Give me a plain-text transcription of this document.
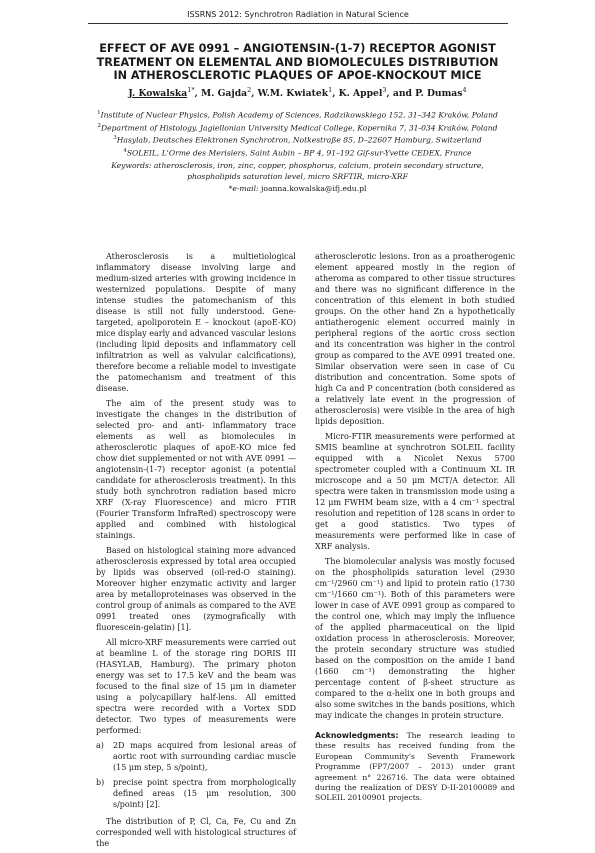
ISSRNS 2012: Synchrotron Radiation in Natural Science
EFFECT OF AVE 0991 – ANGIOTENSIN-(1-7) RECEPTOR AGONIST
TREATMENT ON ELEMENTAL AND BIOMOLECULES DISTRIBUTION
IN ATHEROSCLEROTIC PLAQUES OF APOE-KNOCKOUT MICE
J. Kowalska$^{1*}$, M. Gajda$^2$, W.M. Kwiatek$^1$, K. Appel$^3$, and P. Dumas$^4$
$^1$Institute of Nuclear Physics, Polish Academy of Sciences, Radzikowskiego 152, 31–342 Kraków, Poland
$^2$Department of Histology, Jagiellonian University Medical College, Kopernika 7, 31-034 Kraków, Poland
$^3$Hasylab, Deutsches Elektronen Synchrotron, Notkestraße 85, D–22607 Hamburg, Switzerland
$^4$SOLEIL, L'Orme des Merisiers, Saint Aubin – BP 4, 91–192 Gif-sur-Yvette CEDEX, France
Keywords: atherosclerosis, iron, zinc, copper, phosphorus, calcium, protein secondary structure,
phospholipids saturation level, micro SRFTIR, micro-XRF
*e-mail: joanna.kowalska@ifj.edu.pl

Atherosclerosis is a multietiological inflammatory disease involving large and medium-sized arteries with growing incidence in westernized populations. Despite of many intense studies the patomechanism of this disease is still not fully understood. Gene-targeted, apoliporotein E – knockout (apoE-KO) mice display early and advanced vascular lesions (including lipid deposits and inflammatory cell infiltratrion as well as valvular calcifications), therefore become a reliable model to investigate the patomechanism and treatment of this disease.

The aim of the present study was to investigate the changes in the distribution of selected pro- and anti- inflammatory trace elements as well as biomolecules in atherosclerotic plaques of apoE-KO mice fed chow diet supplemented or not with AVE 0991 — angiotensin-(1-7) receptor agonist (a potential candidate for atherosclerosis treatment). In this study both synchrotron radiation based micro XRF (X-ray Fluorescence) and micro FTIR (Fourier Transform InfraRed) spectroscopy were applied and combined with histological stainings.

Based on histological staining more advanced atherosclerosis expressed by total area occupied by lipids was observed (oil-red-O staining). Moreover higher enzymatic activity and larger area by metalloproteinases was observed in the control group of animals as compared to the AVE 0991 treated ones (zymografically with fluorescein-gelatin) [1].

All micro-XRF measurements were carried out at beamline L of the storage ring DORIS III (HASYLAB, Hamburg). The primary photon energy was set to 17.5 keV and the beam was focused to the final size of 15 μm in diameter using a polycapillary half-lens. All emitted spectra were recorded with a Vortex SDD detector. Two types of measurements were performed:

a) 2D maps acquired from lesional areas of aortic root with surrounding cardiac muscle (15 μm step, 5 s/point),
b) precise point spectra from morphologically defined areas (15 μm resolution, 300 s/point) [2].

The distribution of P, Cl, Ca, Fe, Cu and Zn corresponded well with histological structures of the

atherosclerotic lesions. Iron as a proatherogenic element appeared mostly in the region of atheroma as compared to other tissue structures and there was no significant difference in the concentration of this element in both studied groups. On the other hand Zn a hypothetically antiatherogenic element occurred mainly in peripheral regions of the aortic cross section and its concentration was higher in the control group as compared to the AVE 0991 treated one. Similar observation were seen in case of Cu distribution and concentration. Some spots of high Ca and P concentration (both considered as a relatively late event in the progression of atherosclerosis) were visible in the area of high lipids deposition.

Micro-FTIR measurements were performed at SMIS beamline at synchrotron SOLEIL facility equipped with a Nicolet Nexus 5700 spectrometer coupled with a Continuum XL IR microscope and a 50 μm MCT/A detector. All spectra were taken in transmission mode using a 12 μm FWHM beam size, with a 4 cm⁻¹ spectral resolution and repetition of 128 scans in order to get a good statistics. Two types of measurements were performed like in case of XRF analysis.

The biomolecular analysis was mostly focused on the phospholipids saturation level (2930 cm⁻¹/2960 cm⁻¹) and lipid to protein ratio (1730 cm⁻¹/1660 cm⁻¹). Both of this parameters were lower in case of AVE 0991 group as compared to the control one, which may imply the influence of the applied pharmaceutical on the lipid oxidation process in atherosclerosis. Moreover, the protein secondary structure was studied based on the composition on the amide I band (1660 cm⁻¹) demonstrating the higher percentage content of β-sheet structure as compared to the α-helix one in both groups and also some switches in the bands positions, which may indicate the changes in protein structure.

Acknowledgments: The research leading to these results has received funding from the European Community's Seventh Framework Programme (FP7/2007 – 2013) under grant agreement n° 226716. The data were obtained during the realization of DESY D-II-20100089 and SOLEIL 20100901 projects.
